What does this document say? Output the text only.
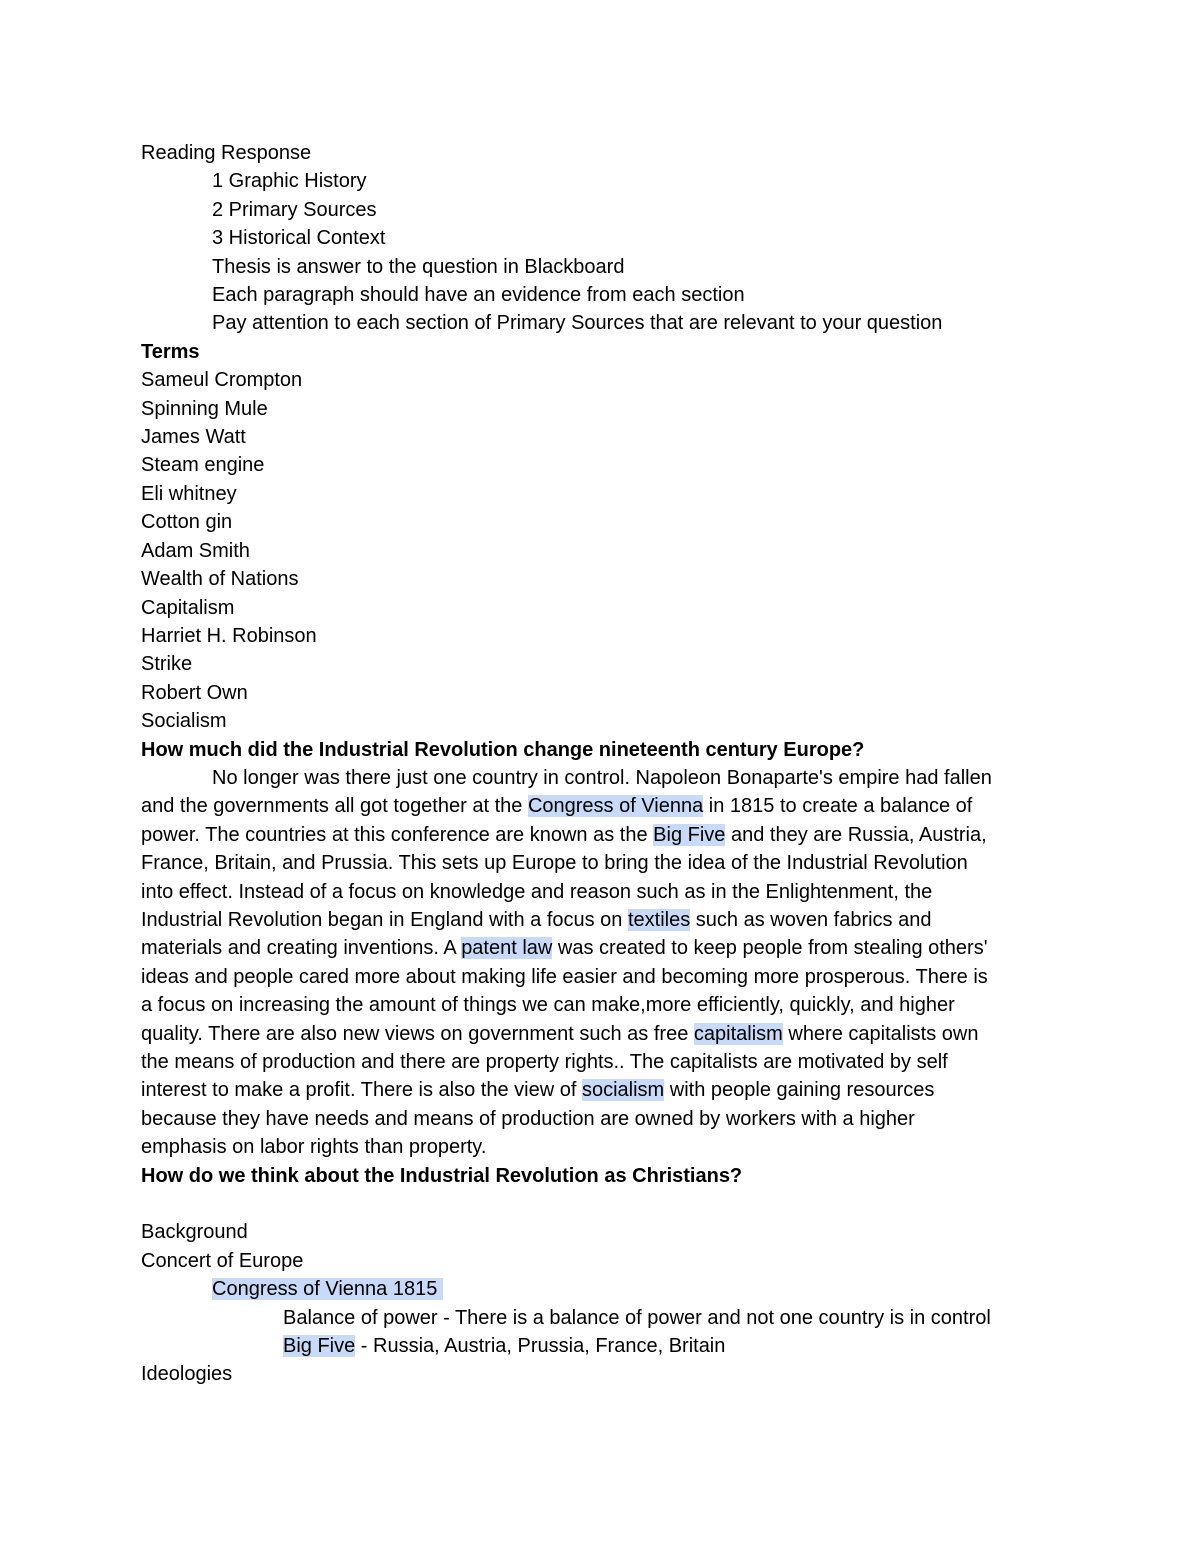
Reading Response
1 Graphic History
2 Primary Sources
3 Historical Context
Thesis is answer to the question in Blackboard
Each paragraph should have an evidence from each section
Pay attention to each section of Primary Sources that are relevant to your question
Terms
Sameul Crompton
Spinning Mule
James Watt
Steam engine
Eli whitney
Cotton gin
Adam Smith
Wealth of Nations
Capitalism
Harriet H. Robinson
Strike
Robert Own
Socialism
How much did the Industrial Revolution change nineteenth century Europe?
No longer was there just one country in control. Napoleon Bonaparte's empire had fallen
and the governments all got together at the Congress of Vienna in 1815 to create a balance of
power. The countries at this conference are known as the Big Five and they are Russia, Austria,
France, Britain, and Prussia. This sets up Europe to bring the idea of the Industrial Revolution
into effect. Instead of a focus on knowledge and reason such as in the Enlightenment, the
Industrial Revolution began in England with a focus on textiles such as woven fabrics and
materials and creating inventions. A patent law was created to keep people from stealing others'
ideas and people cared more about making life easier and becoming more prosperous. There is
a focus on increasing the amount of things we can make,more efficiently, quickly, and higher
quality. There are also new views on government such as free capitalism where capitalists own
the means of production and there are property rights.. The capitalists are motivated by self
interest to make a profit. There is also the view of socialism with people gaining resources
because they have needs and means of production are owned by workers with a higher
emphasis on labor rights than property.
How do we think about the Industrial Revolution as Christians?
Background
Concert of Europe
Congress of Vienna 1815
Balance of power - There is a balance of power and not one country is in control
Big Five - Russia, Austria, Prussia, France, Britain
Ideologies
